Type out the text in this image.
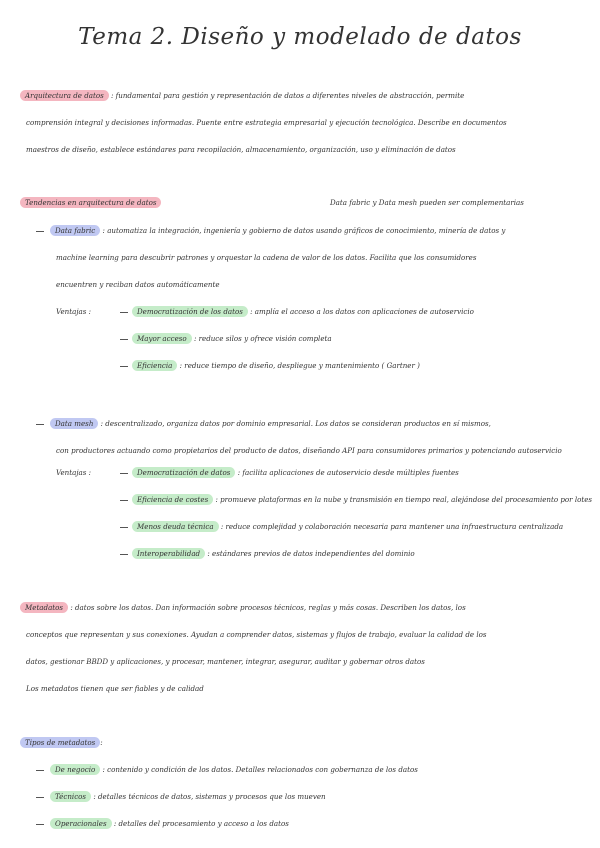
Tema 2. Diseño y modelado de datos
Arquitectura de datos : fundamental para gestión y representación de datos a diferentes niveles de abstracción, permite
comprensión integral y decisiones informadas. Puente entre estrategia empresarial y ejecución tecnológica. Describe en documentos
maestros de diseño, establece estándares para recopilación, almacenamiento, organización, uso y eliminación de datos
Tendencias en arquitectura de datos	Data fabric y Data mesh pueden ser complementarias
Data fabric : automatiza la integración, ingeniería y gobierno de datos usando gráficos de conocimiento, minería de datos y
machine learning para descubrir patrones y orquestar la cadena de valor de los datos. Facilita que los consumidores
encuentren y reciban datos automáticamente
Ventajas :	Democratización de los datos : amplía el acceso a los datos con aplicaciones de autoservicio
Mayor acceso : reduce silos y ofrece visión completa
Eficiencia : reduce tiempo de diseño, despliegue y mantenimiento ( Gartner )
Data mesh : descentralizado, organiza datos por dominio empresarial. Los datos se consideran productos en sí mismos,
con productores actuando como propietarios del producto de datos, diseñando API para consumidores primarios y potenciando autoservicio
Ventajas :	Democratización de datos : facilita aplicaciones de autoservicio desde múltiples fuentes
Eficiencia de costes : promueve plataformas en la nube y transmisión en tiempo real, alejándose del procesamiento por lotes
Menos deuda técnica : reduce complejidad y colaboración necesaria para mantener una infraestructura centralizada
Interoperabilidad : estándares previos de datos independientes del dominio
Metadatos : datos sobre los datos. Dan información sobre procesos técnicos, reglas y más cosas. Describen los datos, los
conceptos que representan y sus conexiones. Ayudan a comprender datos, sistemas y flujos de trabajo, evaluar la calidad de los
datos, gestionar BBDD y aplicaciones, y procesar, mantener, integrar, asegurar, auditar y gobernar otros datos
Los metadatos tienen que ser fiables y de calidad
Tipos de metadatos :
De negocio : contenido y condición de los datos. Detalles relacionados con gobernanza de los datos
Técnicos : detalles técnicos de datos, sistemas y procesos que los mueven
Operacionales : detalles del procesamiento y acceso a los datos
